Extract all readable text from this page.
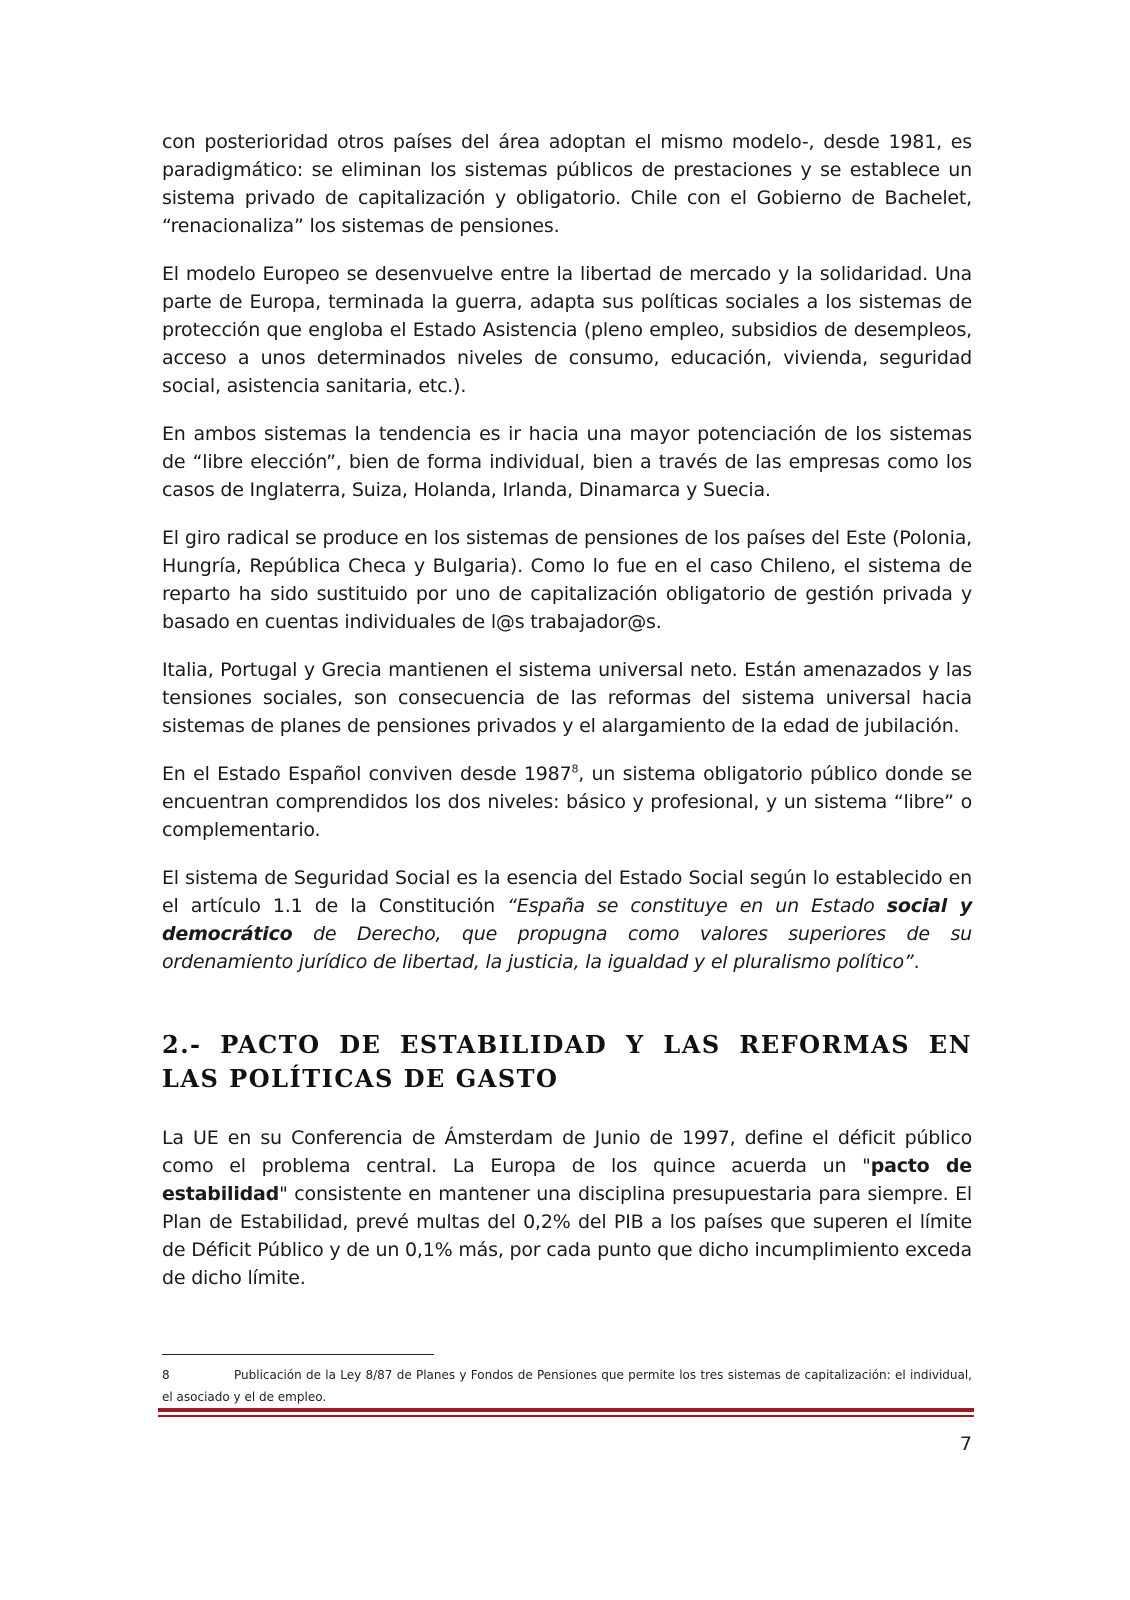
con posterioridad otros países del área adoptan el mismo modelo-, desde 1981, es paradigmático: se eliminan los sistemas públicos de prestaciones y se establece un sistema privado de capitalización y obligatorio. Chile con el Gobierno de Bachelet, “renacionaliza” los sistemas de pensiones.

El modelo Europeo se desenvuelve entre la libertad de mercado y la solidaridad. Una parte de Europa, terminada la guerra, adapta sus políticas sociales a los sistemas de protección que engloba el Estado Asistencia (pleno empleo, subsidios de desempleos, acceso a unos determinados niveles de consumo, educación, vivienda, seguridad social, asistencia sanitaria, etc.).

En ambos sistemas la tendencia es ir hacia una mayor potenciación de los sistemas de “libre elección”, bien de forma individual, bien a través de las empresas como los casos de Inglaterra, Suiza, Holanda, Irlanda, Dinamarca y Suecia.

El giro radical se produce en los sistemas de pensiones de los países del Este (Polonia, Hungría, República Checa y Bulgaria). Como lo fue en el caso Chileno, el sistema de reparto ha sido sustituido por uno de capitalización obligatorio de gestión privada y basado en cuentas individuales de l@s trabajador@s.

Italia, Portugal y Grecia mantienen el sistema universal neto. Están amenazados y las tensiones sociales, son consecuencia de las reformas del sistema universal hacia sistemas de planes de pensiones privados y el alargamiento de la edad de jubilación.

En el Estado Español conviven desde 1987$^8$, un sistema obligatorio público donde se encuentran comprendidos los dos niveles: básico y profesional, y un sistema “libre” o complementario.

El sistema de Seguridad Social es la esencia del Estado Social según lo establecido en el artículo 1.1 de la Constitución “España se constituye en un Estado social y democrático de Derecho, que propugna como valores superiores de su ordenamiento jurídico de libertad, la justicia, la igualdad y el pluralismo político”.

2.- PACTO DE ESTABILIDAD Y LAS REFORMAS EN LAS POLÍTICAS DE GASTO

La UE en su Conferencia de Ámsterdam de Junio de 1997, define el déficit público como el problema central. La Europa de los quince acuerda un "pacto de estabilidad" consistente en mantener una disciplina presupuestaria para siempre. El Plan de Estabilidad, prevé multas del 0,2% del PIB a los países que superen el límite de Déficit Público y de un 0,1% más, por cada punto que dicho incumplimiento exceda de dicho límite.

8	Publicación de la Ley 8/87 de Planes y Fondos de Pensiones que permite los tres sistemas de capitalización: el individual, el asociado y el de empleo.
7
